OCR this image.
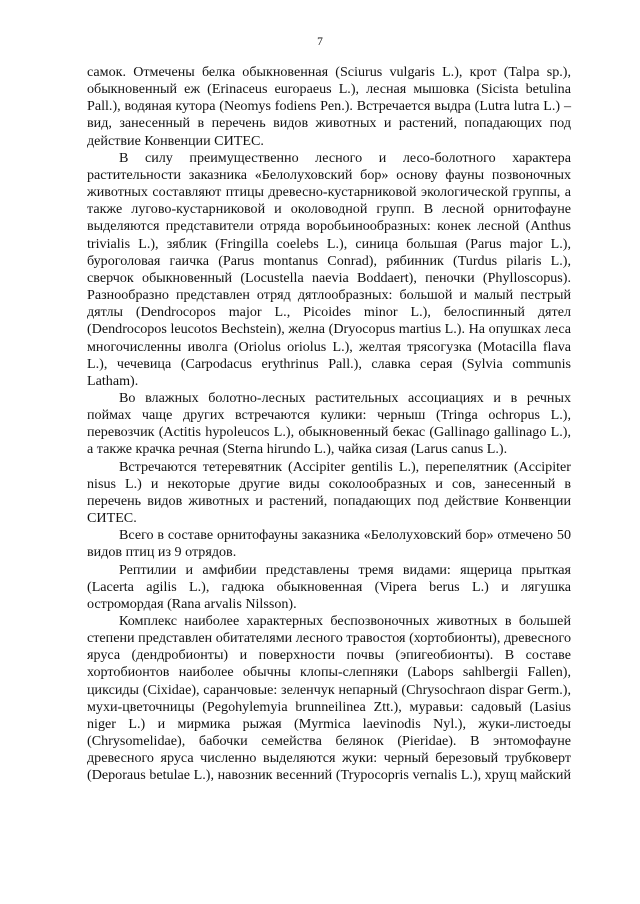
7

самок. Отмечены белка обыкновенная (Sciurus vulgaris L.), крот (Talpa sp.), обыкновенный еж (Erinaceus europaeus L.), лесная мышовка (Sicista betulina Pall.), водяная кутора (Neomys fodiens Pen.). Встречается выдра (Lutra lutra L.) – вид, занесенный в перечень видов животных и растений, попадающих под действие Конвенции СИТЕС.

В силу преимущественно лесного и лесо-болотного характера растительности заказника «Белолуховский бор» основу фауны позвоночных животных составляют птицы древесно-кустарниковой экологической группы, а также лугово-кустарниковой и околоводной групп. В лесной орнитофауне выделяются представители отряда воробьинообразных: конек лесной (Anthus trivialis L.), зяблик (Fringilla coelebs L.), синица большая (Parus major L.), буроголовая гаичка (Parus montanus Conrad), рябинник (Turdus pilaris L.), сверчок обыкновенный (Locustella naevia Boddaert), пеночки (Phylloscopus). Разнообразно представлен отряд дятлообразных: большой и малый пестрый дятлы (Dendrocopos major L., Picoides minor L.), белоспинный дятел (Dendrocopos leucotos Bechstein), желна (Dryocopus martius L.). На опушках леса многочисленны иволга (Oriolus oriolus L.), желтая трясогузка (Motacilla flava L.), чечевица (Carpodacus erythrinus Pall.), славка серая (Sylvia communis Latham).

Во влажных болотно-лесных растительных ассоциациях и в речных поймах чаще других встречаются кулики: черныш (Tringa ochropus L.), перевозчик (Actitis hypoleucos L.), обыкновенный бекас (Gallinago gallinago L.), а также крачка речная (Sterna hirundo L.), чайка сизая (Larus canus L.).

Встречаются тетеревятник (Accipiter gentilis L.), перепелятник (Accipiter nisus L.) и некоторые другие виды соколообразных и сов, занесенный в перечень видов животных и растений, попадающих под действие Конвенции СИТЕС.

Всего в составе орнитофауны заказника «Белолуховский бор» отмечено 50 видов птиц из 9 отрядов.

Рептилии и амфибии представлены тремя видами: ящерица прыткая (Lacerta agilis L.), гадюка обыкновенная (Vipera berus L.) и лягушка остромордая (Rana arvalis Nilsson).

Комплекс наиболее характерных беспозвоночных животных в большей степени представлен обитателями лесного травостоя (хортобионты), древесного яруса (дендробионты) и поверхности почвы (эпигеобионты). В составе хортобионтов наиболее обычны клопы-слепняки (Labops sahlbergii Fallen), циксиды (Cixidae), саранчовые: зеленчук непарный (Chrysochraon dispar Germ.), мухи-цветочницы (Pegohylemyia brunneilinea Ztt.), муравьи: садовый (Lasius niger L.) и мирмика рыжая (Myrmica laevinodis Nyl.), жуки-листоеды (Chrysomelidae), бабочки семейства белянок (Pieridae). В энтомофауне древесного яруса численно выделяются жуки: черный березовый трубковерт (Deporaus betulae L.), навозник весенний (Trypocopris vernalis L.), хрущ майский
